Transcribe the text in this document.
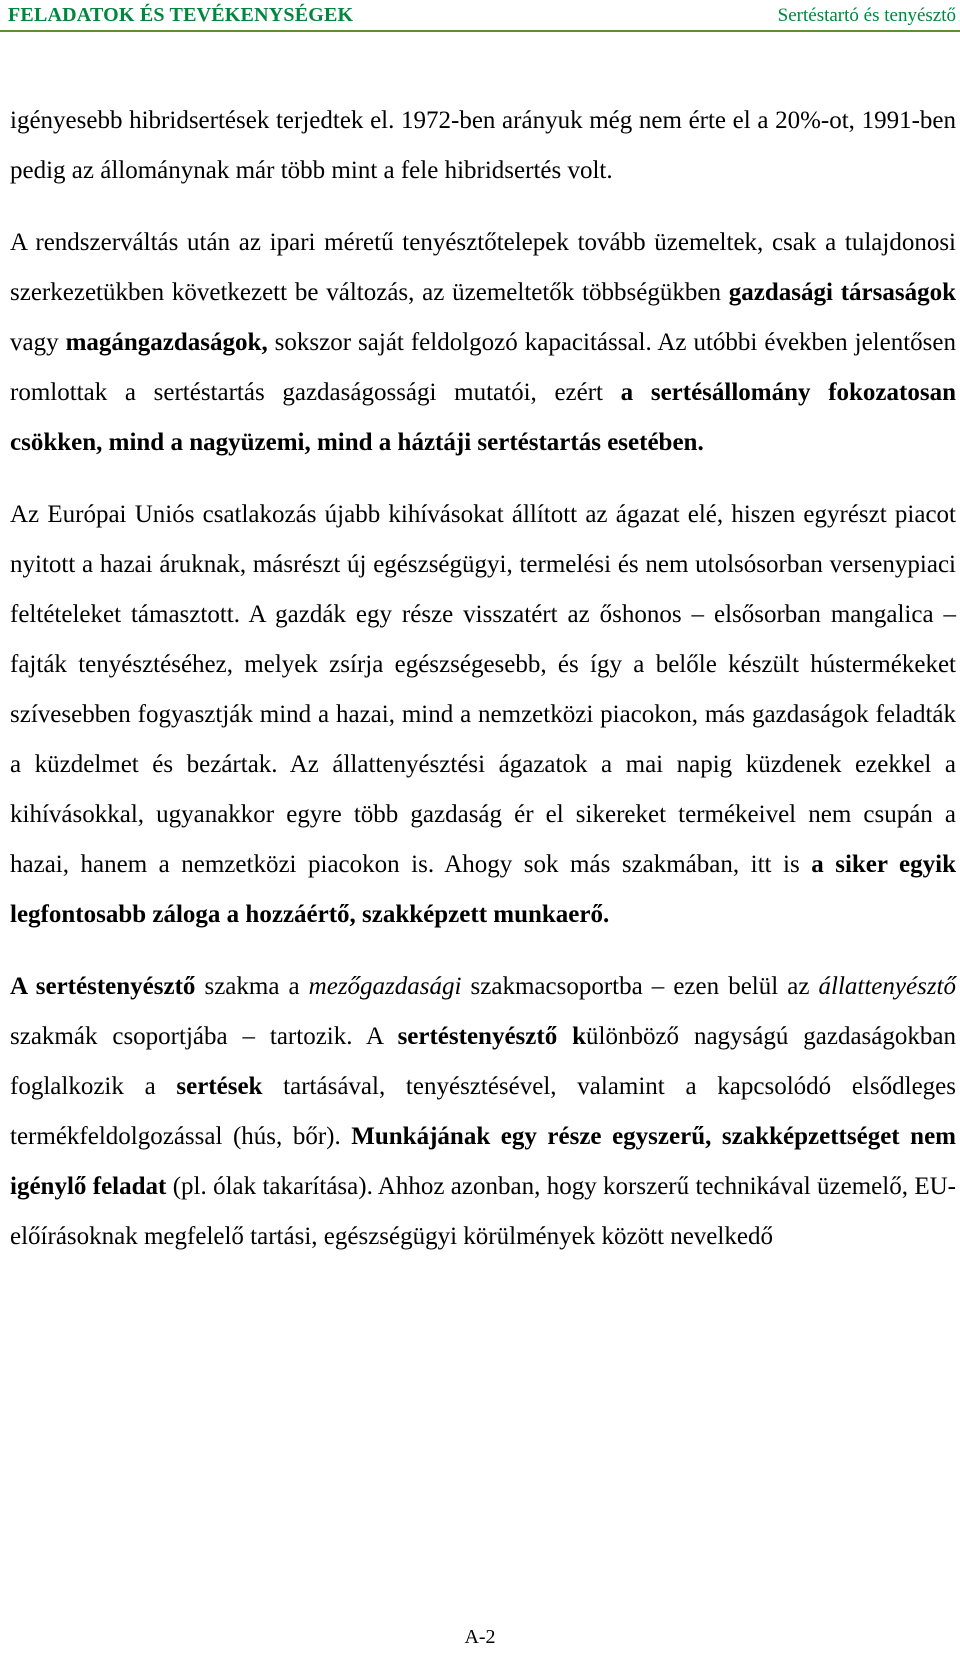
FELADATOK ÉS TEVÉKENYSÉGEK	Sertéstartó és tenyésztő

igényesebb hibridsertések terjedtek el. 1972-ben arányuk még nem érte el a 20%-ot, 1991-ben pedig az állománynak már több mint a fele hibridsertés volt.

A rendszerváltás után az ipari méretű tenyésztőtelepek tovább üzemeltek, csak a tulajdonosi szerkezetükben következett be változás, az üzemeltetők többségükben gazdasági társaságok vagy magángazdaságok, sokszor saját feldolgozó kapacitással. Az utóbbi években jelentősen romlottak a sertéstartás gazdaságossági mutatói, ezért a sertésállomány fokozatosan csökken, mind a nagyüzemi, mind a háztáji sertéstartás esetében.

Az Európai Uniós csatlakozás újabb kihívásokat állított az ágazat elé, hiszen egyrészt piacot nyitott a hazai áruknak, másrészt új egészségügyi, termelési és nem utolsósorban versenypiaci feltételeket támasztott. A gazdák egy része visszatért az őshonos – elsősorban mangalica – fajták tenyésztéséhez, melyek zsírja egészségesebb, és így a belőle készült hústermékeket szívesebben fogyasztják mind a hazai, mind a nemzetközi piacokon, más gazdaságok feladták a küzdelmet és bezártak. Az állattenyésztési ágazatok a mai napig küzdenek ezekkel a kihívásokkal, ugyanakkor egyre több gazdaság ér el sikereket termékeivel nem csupán a hazai, hanem a nemzetközi piacokon is. Ahogy sok más szakmában, itt is a siker egyik legfontosabb záloga a hozzáértő, szakképzett munkaerő.

A sertéstenyésztő szakma a mezőgazdasági szakmacsoportba – ezen belül az állattenyésztő szakmák csoportjába – tartozik. A sertéstenyésztő különböző nagyságú gazdaságokban foglalkozik a sertések tartásával, tenyésztésével, valamint a kapcsolódó elsődleges termékfeldolgozással (hús, bőr). Munkájának egy része egyszerű, szakképzettséget nem igénylő feladat (pl. ólak takarítása). Ahhoz azonban, hogy korszerű technikával üzemelő, EU-előírásoknak megfelelő tartási, egészségügyi körülmények között nevelkedő

A-2
